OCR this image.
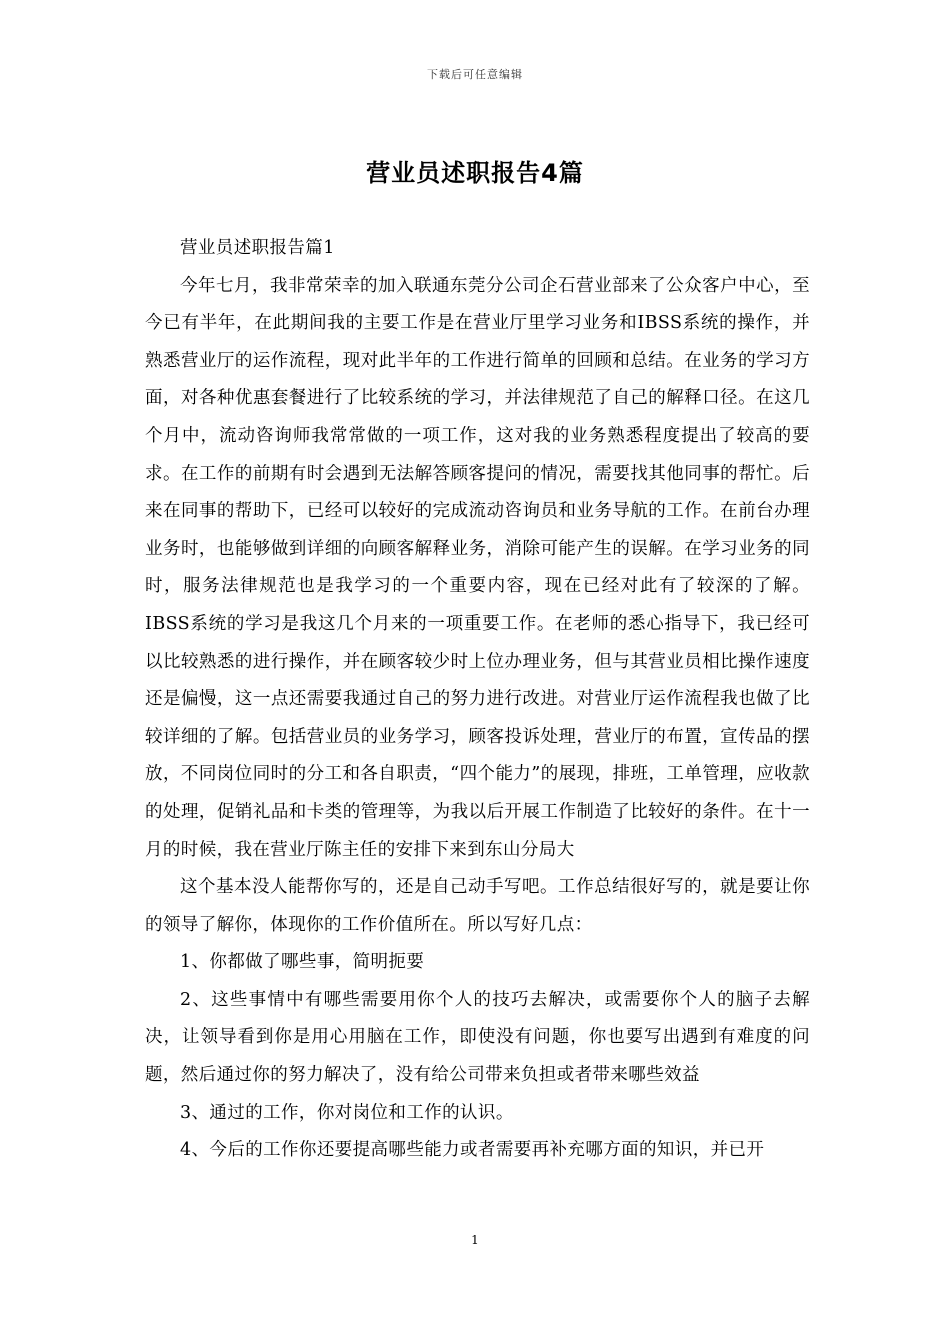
下载后可任意编辑
营业员述职报告4篇

营业员述职报告篇1

今年七月，我非常荣幸的加入联通东莞分公司企石营业部来了公众客户中心，至今已有半年，在此期间我的主要工作是在营业厅里学习业务和IBSS系统的操作，并熟悉营业厅的运作流程，现对此半年的工作进行简单的回顾和总结。在业务的学习方面，对各种优惠套餐进行了比较系统的学习，并法律规范了自己的解释口径。在这几个月中，流动咨询师我常常做的一项工作，这对我的业务熟悉程度提出了较高的要求。在工作的前期有时会遇到无法解答顾客提问的情况，需要找其他同事的帮忙。后来在同事的帮助下，已经可以较好的完成流动咨询员和业务导航的工作。在前台办理业务时，也能够做到详细的向顾客解释业务，消除可能产生的误解。在学习业务的同时，服务法律规范也是我学习的一个重要内容，现在已经对此有了较深的了解。IBSS系统的学习是我这几个月来的一项重要工作。在老师的悉心指导下，我已经可以比较熟悉的进行操作，并在顾客较少时上位办理业务，但与其营业员相比操作速度还是偏慢，这一点还需要我通过自己的努力进行改进。对营业厅运作流程我也做了比较详细的了解。包括营业员的业务学习，顾客投诉处理，营业厅的布置，宣传品的摆放，不同岗位同时的分工和各自职责，“四个能力”的展现，排班，工单管理，应收款的处理，促销礼品和卡类的管理等，为我以后开展工作制造了比较好的条件。在十一月的时候，我在营业厅陈主任的安排下来到东山分局大

这个基本没人能帮你写的，还是自己动手写吧。工作总结很好写的，就是要让你的领导了解你，体现你的工作价值所在。所以写好几点：

1、你都做了哪些事，简明扼要

2、这些事情中有哪些需要用你个人的技巧去解决，或需要你个人的脑子去解决，让领导看到你是用心用脑在工作，即使没有问题，你也要写出遇到有难度的问题，然后通过你的努力解决了，没有给公司带来负担或者带来哪些效益

3、通过的工作，你对岗位和工作的认识。

4、今后的工作你还要提高哪些能力或者需要再补充哪方面的知识，并已开

1
